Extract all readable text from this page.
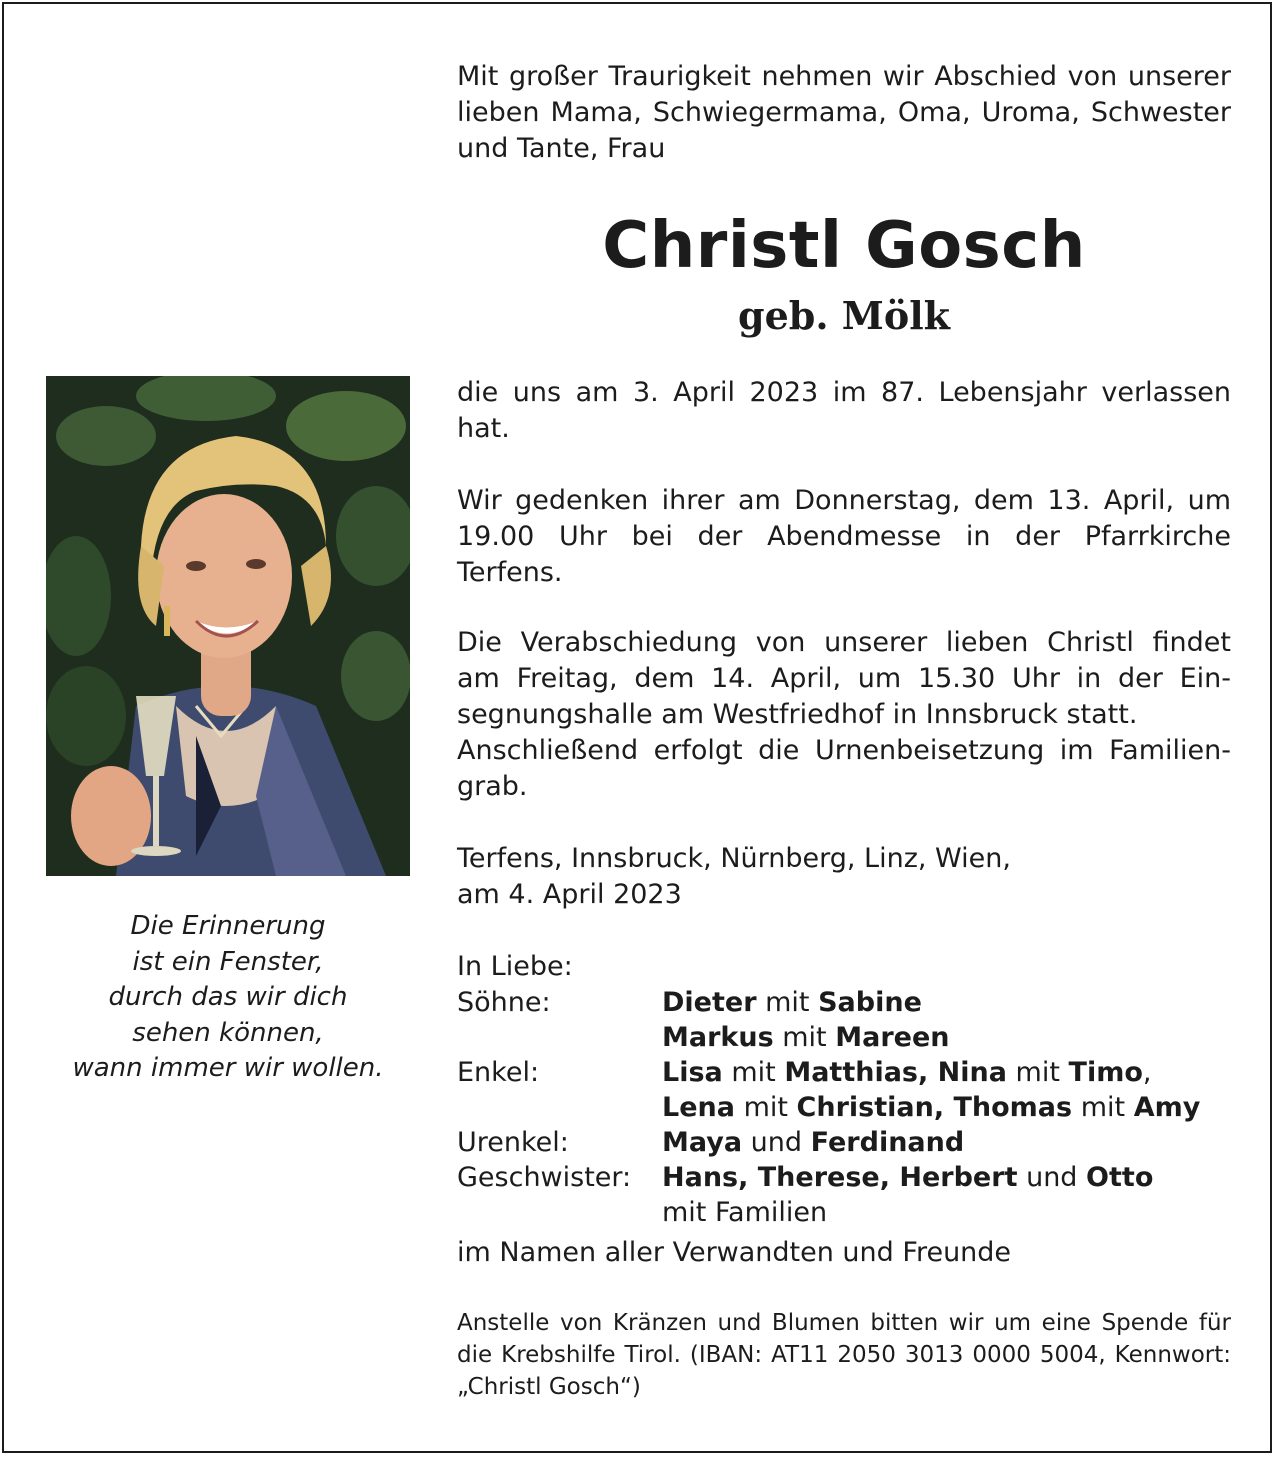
Mit großer Traurigkeit nehmen wir Abschied von unserer lieben Mama, Schwiegermama, Oma, Uroma, Schwester und Tante, Frau
Christl Gosch
geb. Mölk
die uns am 3. April 2023 im 87. Lebensjahr verlassen hat.
Wir gedenken ihrer am Donnerstag, dem 13. April, um 19.00 Uhr bei der Abendmesse in der Pfarrkirche Terfens.
Die Verabschiedung von unserer lieben Christl findet
am Freitag, dem 14. April, um 15.30 Uhr in der Ein-
segnungshalle am Westfriedhof in Innsbruck statt.
Anschließend erfolgt die Urnenbeisetzung im Familien-
grab.
Terfens, Innsbruck, Nürnberg, Linz, Wien,
am 4. April 2023
In Liebe:
Söhne:	Dieter mit Sabine
Markus mit Mareen
Enkel:	Lisa mit Matthias, Nina mit Timo,
Lena mit Christian, Thomas mit Amy
Urenkel:	Maya und Ferdinand
Geschwister:	Hans, Therese, Herbert und Otto
mit Familien
im Namen aller Verwandten und Freunde
Anstelle von Kränzen und Blumen bitten wir um eine Spende für die Krebshilfe Tirol. (IBAN: AT11 2050 3013 0000 5004, Kennwort: „Christl Gosch“)
Die Erinnerung
ist ein Fenster,
durch das wir dich
sehen können,
wann immer wir wollen.
